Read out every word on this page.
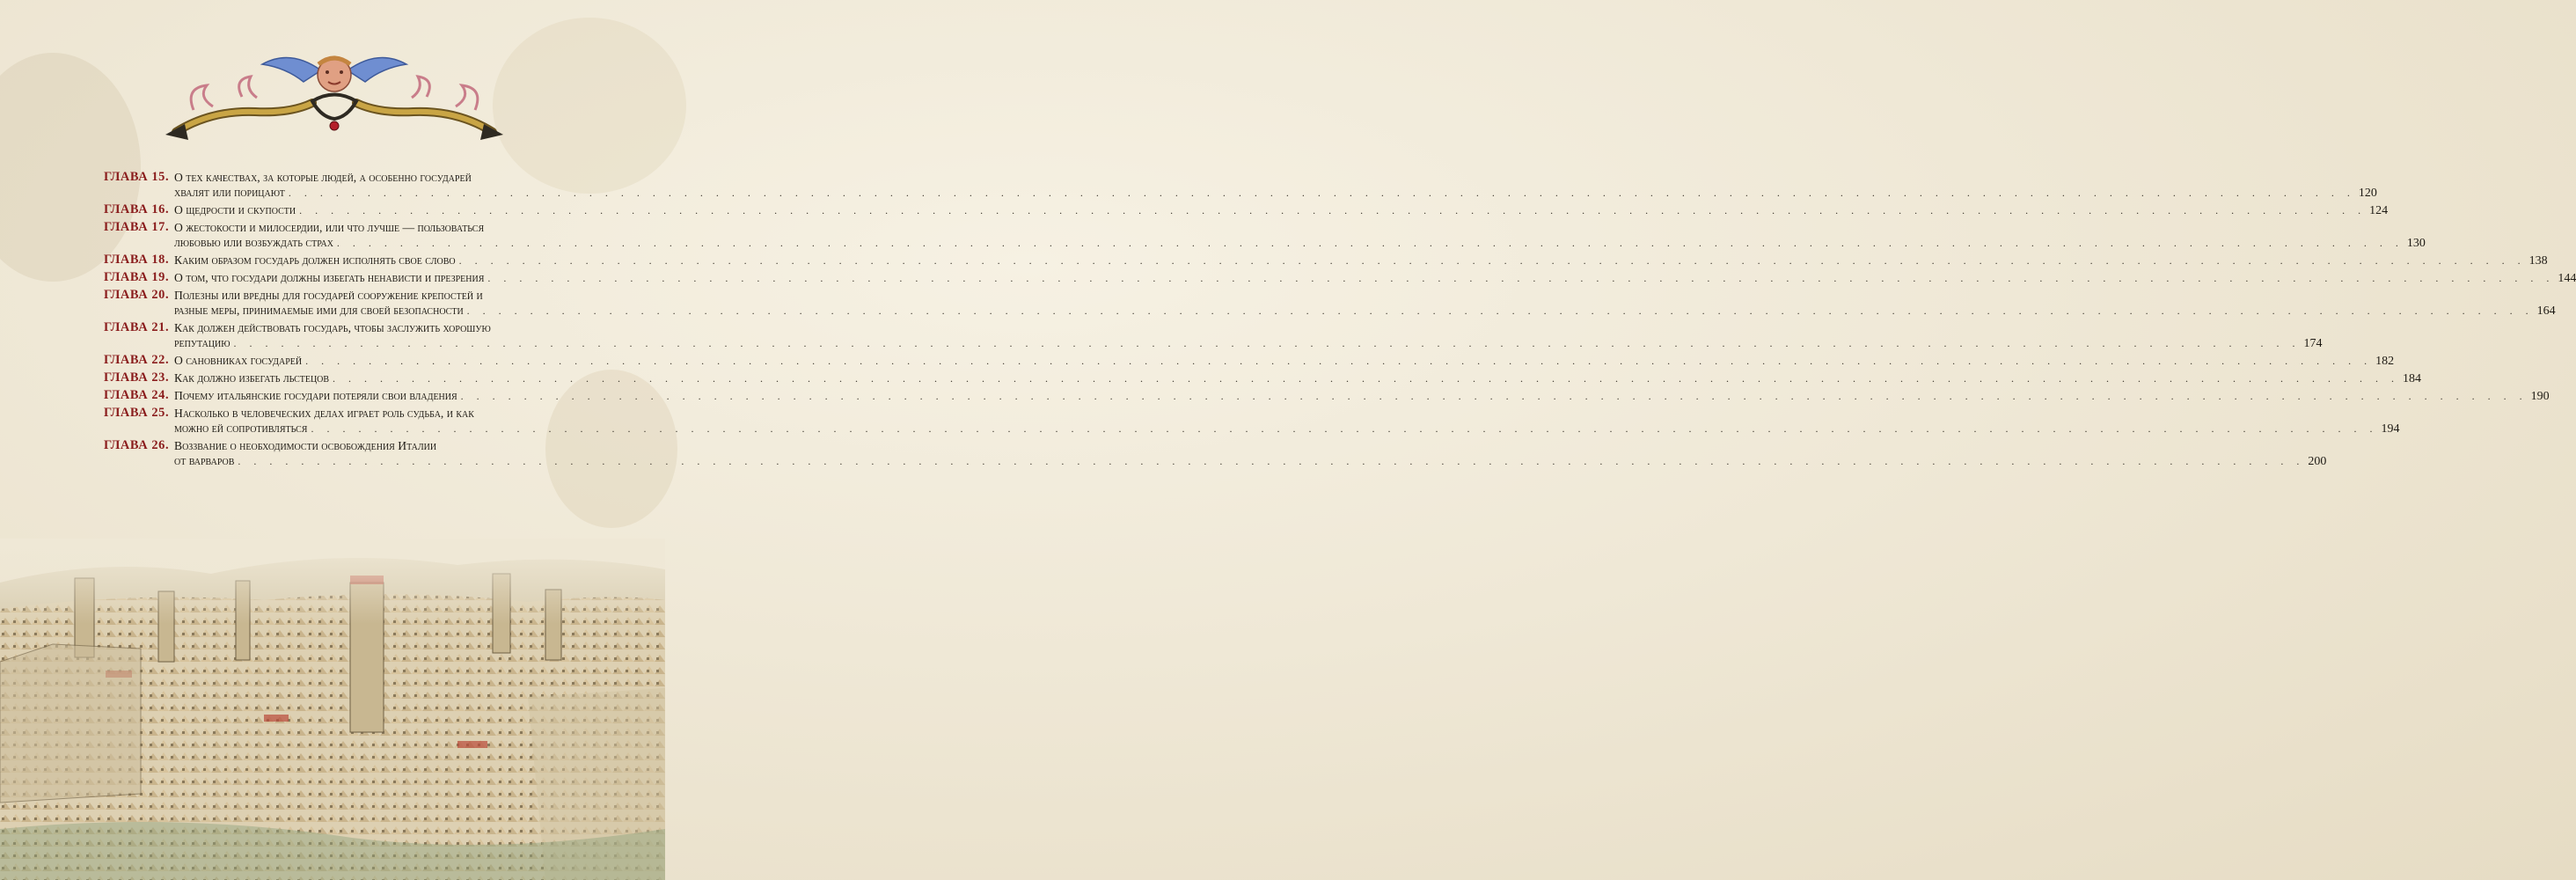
ГЛАВА 15. О тех качествах, за которые людей, а особенно государей
хвалят или порицают . . .	120
ГЛАВА 16. О щедрости и скупости . . .	124
ГЛАВА 17. О жестокости и милосердии, или что лучше — пользоваться
любовью или возбуждать страх . . .	130
ГЛАВА 18. Каким образом государь должен исполнять свое слово . . .	138
ГЛАВА 19. О том, что государи должны избегать ненависти и презрения . . .	144
ГЛАВА 20. Полезны или вредны для государей сооружение крепостей и
разные меры, принимаемые ими для своей безопасности . . .	164
ГЛАВА 21. Как должен действовать государь, чтобы заслужить хорошую
репутацию . . .	174
ГЛАВА 22. О сановниках государей . . .	182
ГЛАВА 23. Как должно избегать льстецов . . .	184
ГЛАВА 24. Почему итальянские государи потеряли свои владения . . .	190
ГЛАВА 25. Насколько в человеческих делах играет роль судьба, и как
можно ей сопротивляться . . .	194
ГЛАВА 26. Воззвание о необходимости освобождения Италии
от варваров . . .	200
